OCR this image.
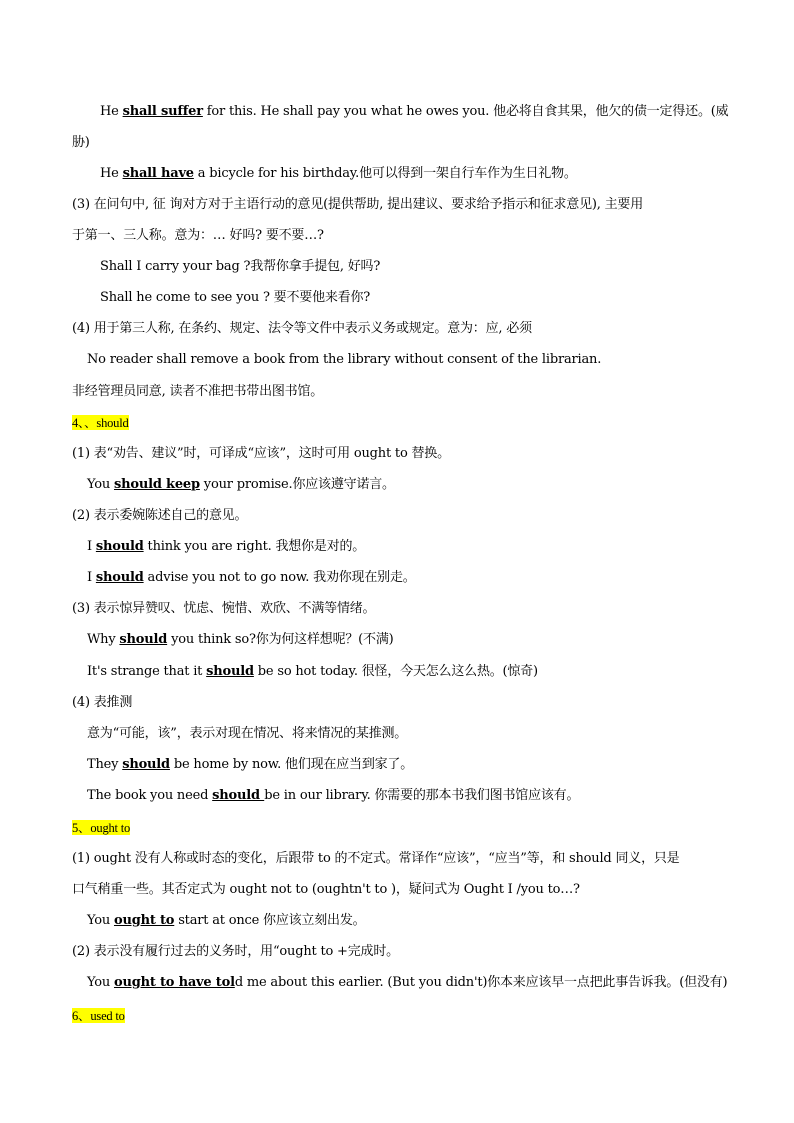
He shall suffer for this. He shall pay you what he owes you. 他必将自食其果，他欠的债一定得还。(威
胁)
He shall have a bicycle for his birthday.他可以得到一架自行车作为生日礼物。
(3) 在问句中, 征 询对方对于主语行动的意见(提供帮助, 提出建议、要求给予指示和征求意见), 主要用
于第一、三人称。意为：… 好吗? 要不要…?
Shall I carry your bag ?我帮你拿手提包, 好吗?
Shall he come to see you ? 要不要他来看你?
(4) 用于第三人称, 在条约、规定、法令等文件中表示义务或规定。意为：应, 必须
No reader shall remove a book from the library without consent of the librarian.
非经管理员同意, 读者不准把书带出图书馆。
4、、should
(1) 表“劝告、建议”时，可译成“应该”，这时可用 ought to 替换。
You should keep your promise.你应该遵守诺言。
(2) 表示委婉陈述自己的意见。
I should think you are right. 我想你是对的。
I should advise you not to go now. 我劝你现在别走。
(3) 表示惊异赞叹、忧虑、惋惜、欢欣、不满等情绪。
Why should you think so?你为何这样想呢？(不满)
It's strange that it should be so hot today. 很怪，今天怎么这么热。(惊奇)
(4) 表推测
意为“可能，该”，表示对现在情况、将来情况的某推测。
They should be home by now. 他们现在应当到家了。
The book you need should be in our library. 你需要的那本书我们图书馆应该有。
5、ought to
(1) ought 没有人称或时态的变化，后跟带 to 的不定式。常译作“应该”，“应当”等，和 should 同义，只是
口气稍重一些。其否定式为 ought not to (oughtn't to )，疑问式为 Ought I /you to…?
You ought to start at once 你应该立刻出发。
(2) 表示没有履行过去的义务时，用“ought to +完成时。
You ought to have told me about this earlier. (But you didn't)你本来应该早一点把此事告诉我。(但没有)
6、used to
